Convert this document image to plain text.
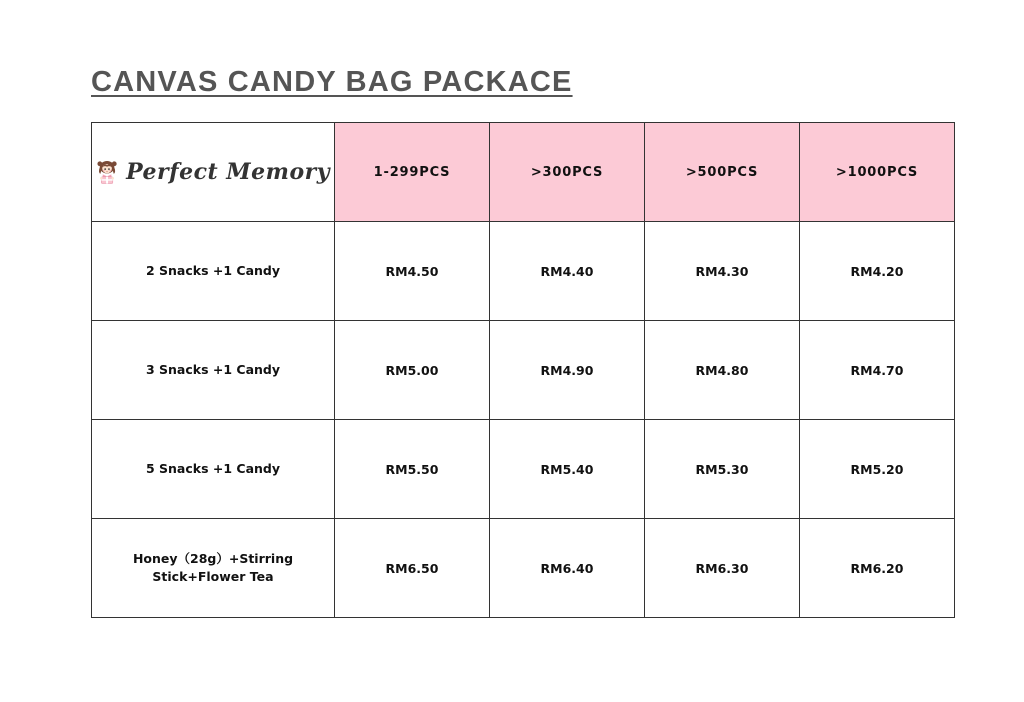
CANVAS CANDY BAG PACKACE
Perfect Memory	1-299PCS	>300PCS	>500PCS	>1000PCS
2 Snacks +1 Candy	RM4.50	RM4.40	RM4.30	RM4.20
3 Snacks +1 Candy	RM5.00	RM4.90	RM4.80	RM4.70
5 Snacks +1 Candy	RM5.50	RM5.40	RM5.30	RM5.20
Honey（28g）+Stirring Stick+Flower Tea	RM6.50	RM6.40	RM6.30	RM6.20
